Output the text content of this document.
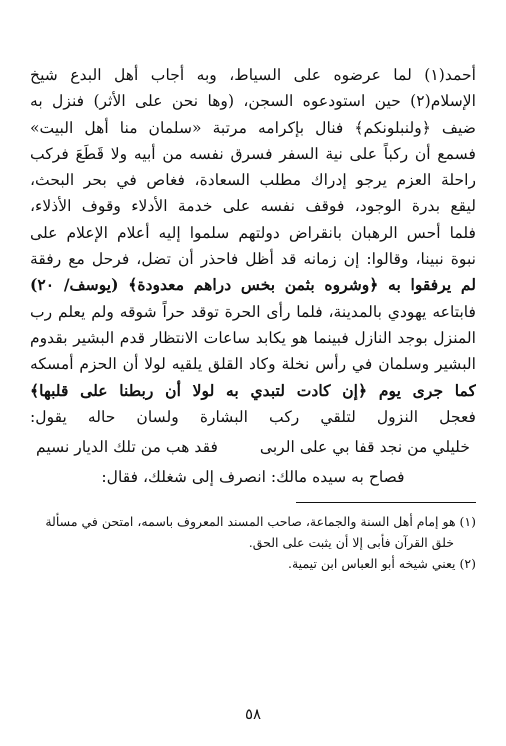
أحمد(١) لما عرضوه على السياط، وبه أجاب أهل البدع شيخ
الإسلام(٢) حين استودعوه السجن، (وها نحن على الأثر) فنزل به
ضيف ﴿ولنبلونكم﴾ فنال بإكرامه مرتبة «سلمان منا أهل البيت»
فسمع أن ركباً على نية السفر فسرق نفسه من أبيه ولا قَطَعَ فركب
راحلة العزم يرجو إدراك مطلب السعادة، فغاص في بحر البحث،
ليقع بدرة الوجود، فوقف نفسه على خدمة الأدلاء وقوف الأذلاء،
فلما أحس الرهبان بانقراض دولتهم سلموا إليه أعلام الإعلام على
نبوة نبينا، وقالوا: إن زمانه قد أظل فاحذر أن تضل، فرحل مع رفقة
لم يرفقوا به ﴿وشروه بثمن بخس دراهم معدودة﴾ (يوسف/ ٢٠)
فابتاعه يهودي بالمدينة، فلما رأى الحرة توقد حراً شوقه ولم يعلم رب
المنزل بوجد النازل فبينما هو يكابد ساعات الانتظار قدم البشير بقدوم
البشير وسلمان في رأس نخلة وكاد القلق يلقيه لولا أن الحزم أمسكه
كما جرى يوم ﴿إن كادت لتبدي به لولا أن ربطنا على قلبها﴾
فعجل النزول لتلقي ركب البشارة ولسان حاله يقول:
خليلي من نجد قفا بي على الربى
فقد هب من تلك الديار نسيم
فصاح به سيده مالك: انصرف إلى شغلك، فقال:
(١) هو إمام أهل السنة والجماعة، صاحب المسند المعروف باسمه، امتحن في مسألة
خلق القرآن فأبى إلا أن يثبت على الحق.
(٢) يعني شيخه أبو العباس ابن تيمية.
٥٨
